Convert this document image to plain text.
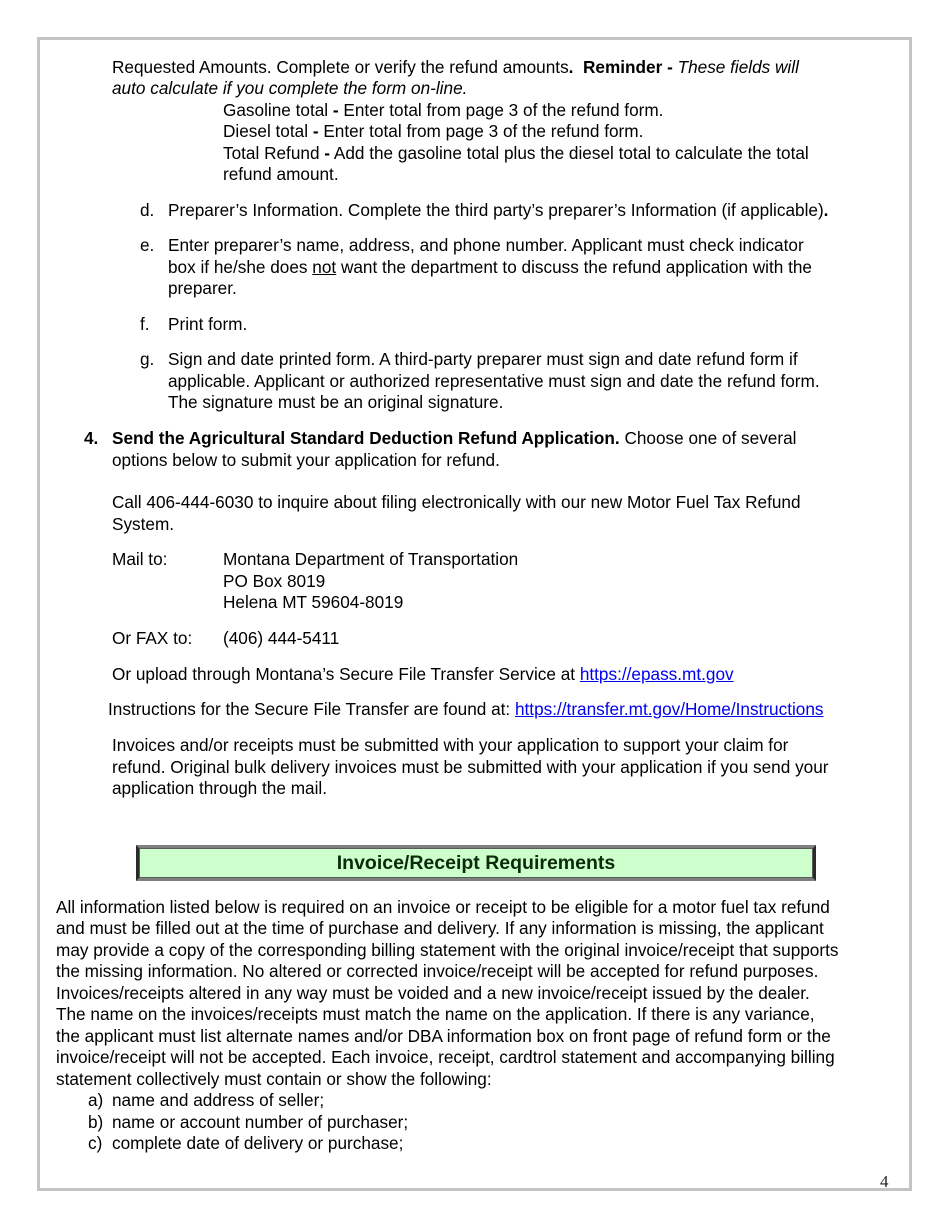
Requested Amounts. Complete or verify the refund amounts. Reminder - These fields will
auto calculate if you complete the form on-line.
Gasoline total - Enter total from page 3 of the refund form.
Diesel total - Enter total from page 3 of the refund form.
Total Refund - Add the gasoline total plus the diesel total to calculate the total
refund amount.
d. Preparer’s Information. Complete the third party’s preparer’s Information (if applicable).
e. Enter preparer’s name, address, and phone number. Applicant must check indicator
box if he/she does not want the department to discuss the refund application with the
preparer.
f. Print form.
g. Sign and date printed form. A third-party preparer must sign and date refund form if
applicable. Applicant or authorized representative must sign and date the refund form.
The signature must be an original signature.
4. Send the Agricultural Standard Deduction Refund Application. Choose one of several
options below to submit your application for refund.
Call 406-444-6030 to inquire about filing electronically with our new Motor Fuel Tax Refund
System.
Mail to:	Montana Department of Transportation
PO Box 8019
Helena MT 59604-8019
Or FAX to: (406) 444-5411
Or upload through Montana’s Secure File Transfer Service at https://epass.mt.gov
Instructions for the Secure File Transfer are found at: https://transfer.mt.gov/Home/Instructions
Invoices and/or receipts must be submitted with your application to support your claim for
refund. Original bulk delivery invoices must be submitted with your application if you send your
application through the mail.
Invoice/Receipt Requirements
All information listed below is required on an invoice or receipt to be eligible for a motor fuel tax refund
and must be filled out at the time of purchase and delivery. If any information is missing, the applicant
may provide a copy of the corresponding billing statement with the original invoice/receipt that supports
the missing information. No altered or corrected invoice/receipt will be accepted for refund purposes.
Invoices/receipts altered in any way must be voided and a new invoice/receipt issued by the dealer.
The name on the invoices/receipts must match the name on the application. If there is any variance,
the applicant must list alternate names and/or DBA information box on front page of refund form or the
invoice/receipt will not be accepted. Each invoice, receipt, cardtrol statement and accompanying billing
statement collectively must contain or show the following:
a) name and address of seller;
b) name or account number of purchaser;
c) complete date of delivery or purchase;
4
